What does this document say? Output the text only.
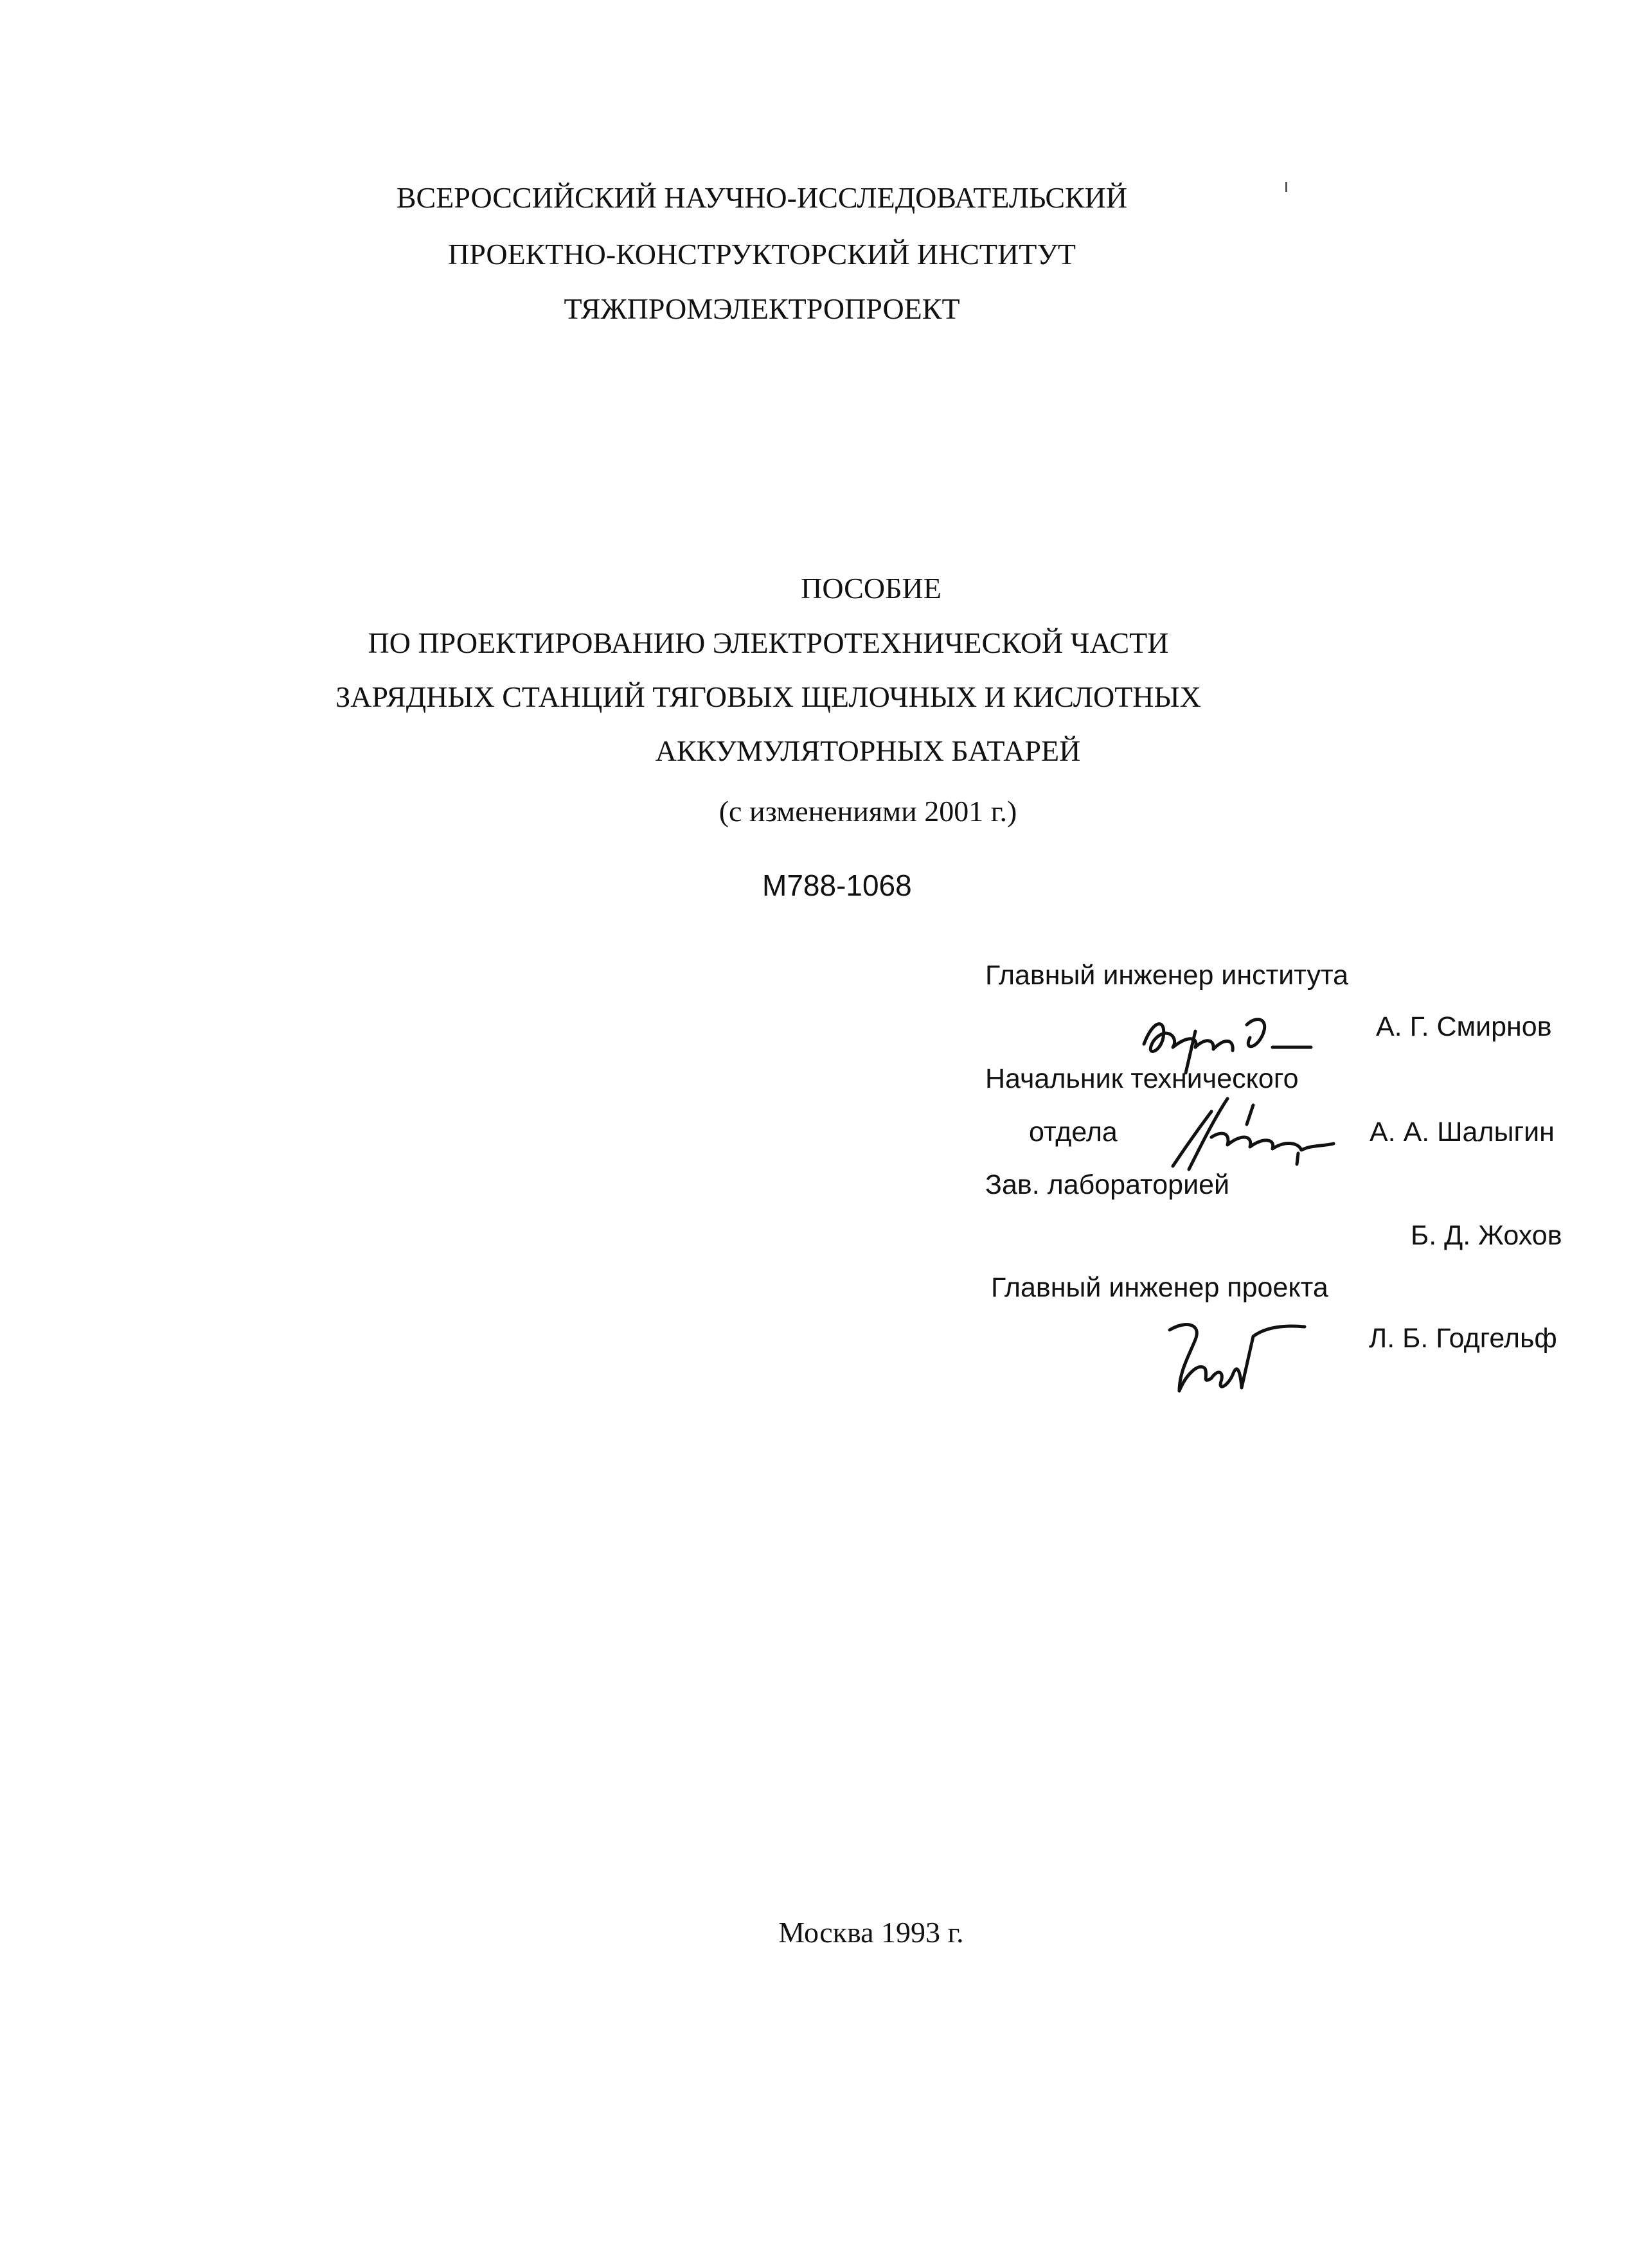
ВСЕРОССИЙСКИЙ НАУЧНО-ИССЛЕДОВАТЕЛЬСКИЙ
ПРОЕКТНО-КОНСТРУКТОРСКИЙ ИНСТИТУТ
ТЯЖПРОМЭЛЕКТРОПРОЕКТ
ПОСОБИЕ
ПО ПРОЕКТИРОВАНИЮ ЭЛЕКТРОТЕХНИЧЕСКОЙ ЧАСТИ
ЗАРЯДНЫХ СТАНЦИЙ ТЯГОВЫХ ЩЕЛОЧНЫХ И КИСЛОТНЫХ
АККУМУЛЯТОРНЫХ БАТАРЕЙ
(с изменениями 2001 г.)
М788-1068
Главный инженер института
А. Г. Смирнов
Начальник технического
отдела	А. А. Шалыгин
Зав. лабораторией
Б. Д. Жохов
Главный инженер проекта
Л. Б. Годгельф
Москва 1993 г.
